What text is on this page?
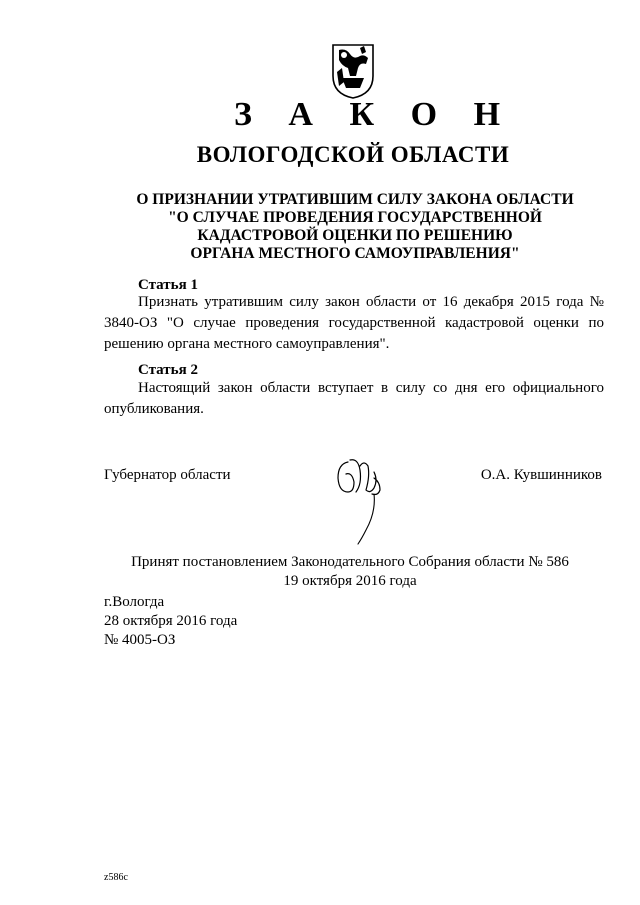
З А К О Н
ВОЛОГОДСКОЙ ОБЛАСТИ
О ПРИЗНАНИИ УТРАТИВШИМ СИЛУ ЗАКОНА ОБЛАСТИ
"О СЛУЧАЕ ПРОВЕДЕНИЯ ГОСУДАРСТВЕННОЙ
КАДАСТРОВОЙ ОЦЕНКИ ПО РЕШЕНИЮ
ОРГАНА МЕСТНОГО САМОУПРАВЛЕНИЯ"
Статья 1
Признать утратившим силу закон области от 16 декабря 2015 года № 3840-ОЗ "О случае проведения государственной кадастровой оценки по решению органа местного самоуправления".
Статья 2
Настоящий закон области вступает в силу со дня его официального опубликования.
Губернатор области	О.А. Кувшинников
Принят постановлением Законодательного Собрания области № 586
19 октября 2016 года
г.Вологда
28 октября 2016 года
№ 4005-ОЗ
z586c
